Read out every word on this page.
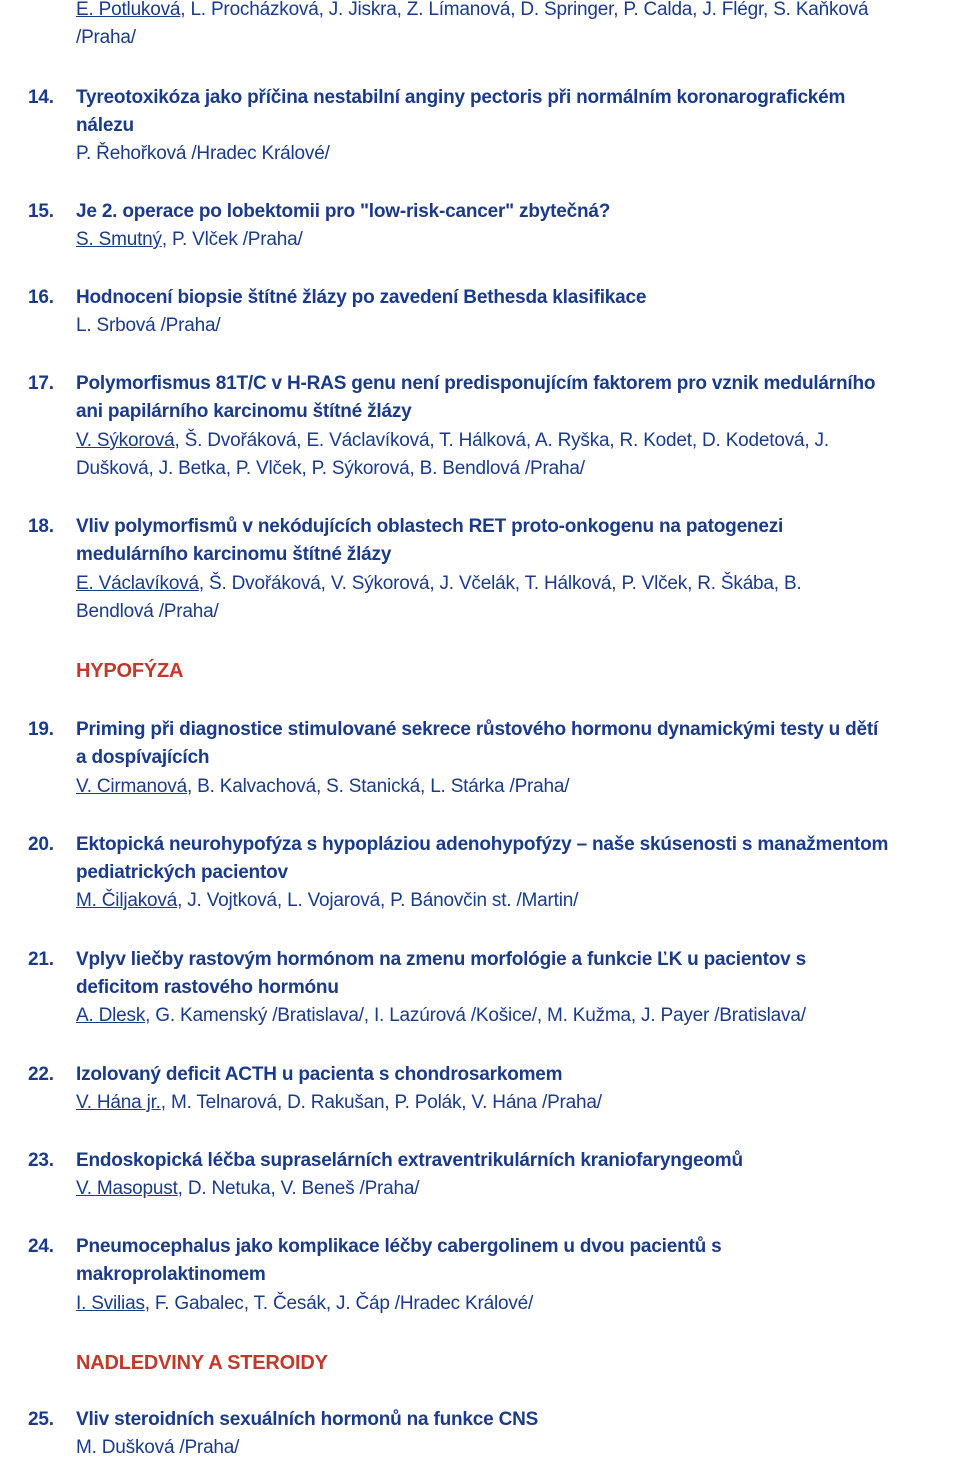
E. Potluková, L. Procházková, J. Jiskra, Z. Límanová, D. Springer, P. Calda, J. Flégr, S. Kaňková
/Praha/
14. Tyreotoxikóza jako příčina nestabilní anginy pectoris při normálním koronarografickém
nálezu
P. Řehořková /Hradec Králové/
15. Je 2. operace po lobektomii pro "low-risk-cancer" zbytečná?
S. Smutný, P. Vlček /Praha/
16. Hodnocení biopsie štítné žlázy po zavedení Bethesda klasifikace
L. Srbová /Praha/
17. Polymorfismus 81T/C v H-RAS genu není predisponujícím faktorem pro vznik medulárního
ani papilárního karcinomu štítné žlázy
V. Sýkorová, Š. Dvořáková, E. Václavíková, T. Hálková, A. Ryška, R. Kodet, D. Kodetová, J.
Dušková, J. Betka, P. Vlček, P. Sýkorová, B. Bendlová /Praha/
18. Vliv polymorfismů v nekódujících oblastech RET proto-onkogenu na patogenezi
medulárního karcinomu štítné žlázy
E. Václavíková, Š. Dvořáková, V. Sýkorová, J. Včelák, T. Hálková, P. Vlček, R. Škába, B.
Bendlová /Praha/
HYPOFÝZA
19. Priming při diagnostice stimulované sekrece růstového hormonu dynamickými testy u dětí
a dospívajících
V. Cirmanová, B. Kalvachová, S. Stanická, L. Stárka /Praha/
20. Ektopická neurohypofýza s hypopláziou adenohypofýzy – naše skúsenosti s manažmentom
pediatrických pacientov
M. Čiljaková, J. Vojtková, L. Vojarová, P. Bánovčin st. /Martin/
21. Vplyv liečby rastovým hormónom na zmenu morfológie a funkcie ĽK u pacientov s
deficitom rastového hormónu
A. Dlesk, G. Kamenský /Bratislava/, I. Lazúrová /Košice/, M. Kužma, J. Payer /Bratislava/
22. Izolovaný deficit ACTH u pacienta s chondrosarkomem
V. Hána jr., M. Telnarová, D. Rakušan, P. Polák, V. Hána /Praha/
23. Endoskopická léčba supraselárních extraventrikulárních kraniofaryngeomů
V. Masopust, D. Netuka, V. Beneš /Praha/
24. Pneumocephalus jako komplikace léčby cabergolinem u dvou pacientů s
makroprolaktinomem
I. Svilias, F. Gabalec, T. Česák, J. Čáp /Hradec Králové/
NADLEDVINY A STEROIDY
25. Vliv steroidních sexuálních hormonů na funkce CNS
M. Dušková /Praha/
